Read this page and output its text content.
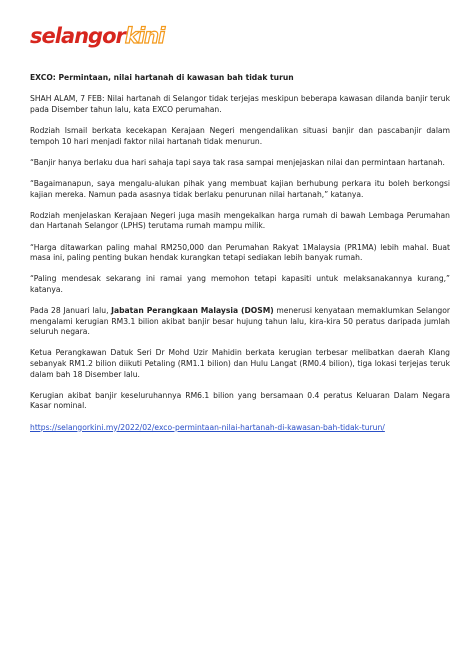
selangorkini

EXCO: Permintaan, nilai hartanah di kawasan bah tidak turun

SHAH ALAM, 7 FEB: Nilai hartanah di Selangor tidak terjejas meskipun beberapa kawasan dilanda banjir teruk pada Disember tahun lalu, kata EXCO perumahan.

Rodziah Ismail berkata kecekapan Kerajaan Negeri mengendalikan situasi banjir dan pascabanjir dalam tempoh 10 hari menjadi faktor nilai hartanah tidak menurun.

“Banjir hanya berlaku dua hari sahaja tapi saya tak rasa sampai menjejaskan nilai dan permintaan hartanah.

“Bagaimanapun, saya mengalu-alukan pihak yang membuat kajian berhubung perkara itu boleh berkongsi kajian mereka. Namun pada asasnya tidak berlaku penurunan nilai hartanah,” katanya.

Rodziah menjelaskan Kerajaan Negeri juga masih mengekalkan harga rumah di bawah Lembaga Perumahan dan Hartanah Selangor (LPHS) terutama rumah mampu milik.

“Harga ditawarkan paling mahal RM250,000 dan Perumahan Rakyat 1Malaysia (PR1MA) lebih mahal. Buat masa ini, paling penting bukan hendak kurangkan tetapi sediakan lebih banyak rumah.

“Paling mendesak sekarang ini ramai yang memohon tetapi kapasiti untuk melaksanakannya kurang,” katanya.

Pada 28 Januari lalu, Jabatan Perangkaan Malaysia (DOSM) menerusi kenyataan memaklumkan Selangor mengalami kerugian RM3.1 bilion akibat banjir besar hujung tahun lalu, kira-kira 50 peratus daripada jumlah seluruh negara.

Ketua Perangkawan Datuk Seri Dr Mohd Uzir Mahidin berkata kerugian terbesar melibatkan daerah Klang sebanyak RM1.2 bilion diikuti Petaling (RM1.1 bilion) dan Hulu Langat (RM0.4 bilion), tiga lokasi terjejas teruk dalam bah 18 Disember lalu.

Kerugian akibat banjir keseluruhannya RM6.1 bilion yang bersamaan 0.4 peratus Keluaran Dalam Negara Kasar nominal.

https://selangorkini.my/2022/02/exco-permintaan-nilai-hartanah-di-kawasan-bah-tidak-turun/
